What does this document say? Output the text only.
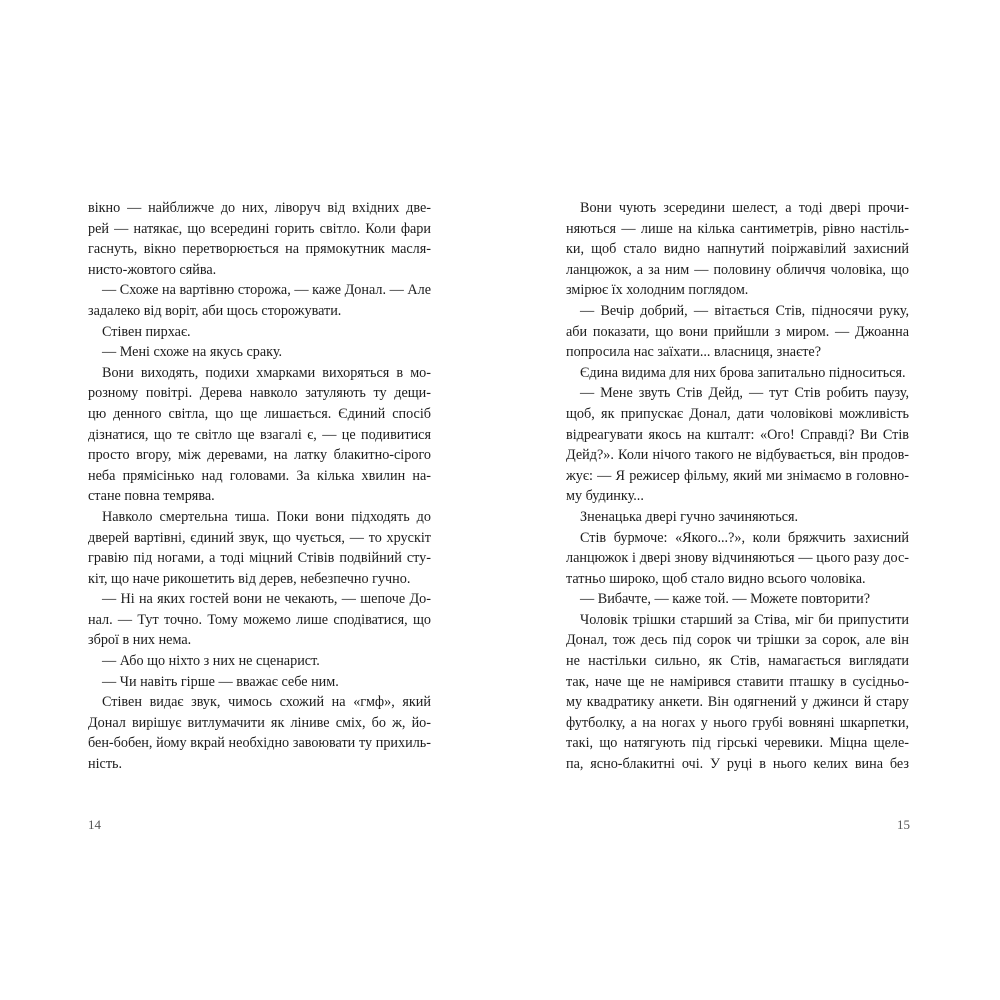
вікно — найближче до них, ліворуч від вхідних две-
рей — натякає, що всередині горить світло. Коли фари
гаснуть, вікно перетворюється на прямокутник масля-
нисто-жовтого сяйва.
— Схоже на вартівню сторожа, — каже Донал. — Але
задалеко від воріт, аби щось сторожувати.
Стівен пирхає.
— Мені схоже на якусь сраку.
Вони виходять, подихи хмарками вихоряться в мо-
розному повітрі. Дерева навколо затуляють ту дещи-
цю денного світла, що ще лишається. Єдиний спосіб
дізнатися, що те світло ще взагалі є, — це подивитися
просто вгору, між деревами, на латку блакитно-сірого
неба прямісінько над головами. За кілька хвилин на-
стане повна темрява.
Навколо смертельна тиша. Поки вони підходять до
дверей вартівні, єдиний звук, що чується, — то хрускіт
гравію під ногами, а тоді міцний Стівів подвійний сту-
кіт, що наче рикошетить від дерев, небезпечно гучно.
— Ні на яких гостей вони не чекають, — шепоче До-
нал. — Тут точно. Тому можемо лише сподіватися, що
зброї в них нема.
— Або що ніхто з них не сценарист.
— Чи навіть гірше — вважає себе ним.
Стівен видає звук, чимось схожий на «гмф», який
Донал вирішує витлумачити як ліниве сміх, бо ж, йо-
бен-бобен, йому вкрай необхідно завоювати ту прихиль-
ність.
Вони чують зсередини шелест, а тоді двері прочи-
няються — лише на кілька сантиметрів, рівно настіль-
ки, щоб стало видно напнутий поіржавілий захисний
ланцюжок, а за ним — половину обличчя чоловіка, що
змірює їх холодним поглядом.
— Вечір добрий, — вітається Стів, підносячи руку,
аби показати, що вони прийшли з миром. — Джоанна
попросила нас заїхати... власниця, знаєте?
Єдина видима для них брова запитально підноситься.
— Мене звуть Стів Дейд, — тут Стів робить паузу,
щоб, як припускає Донал, дати чоловікові можливість
відреагувати якось на кшталт: «Ого! Справді? Ви Стів
Дейд?». Коли нічого такого не відбувається, він продов-
жує: — Я режисер фільму, який ми знімаємо в головно-
му будинку...
Зненацька двері гучно зачиняються.
Стів бурмоче: «Якого...?», коли бряжчить захисний
ланцюжок і двері знову відчиняються — цього разу дос-
татньо широко, щоб стало видно всього чоловіка.
— Вибачте, — каже той. — Можете повторити?
Чоловік трішки старший за Стіва, міг би припустити
Донал, тож десь під сорок чи трішки за сорок, але він
не настільки сильно, як Стів, намагається виглядати
так, наче ще не намірився ставити пташку в сусідньо-
му квадратику анкети. Він одягнений у джинси й стару
футболку, а на ногах у нього грубі вовняні шкарпетки,
такі, що натягують під гірські черевики. Міцна щеле-
па, ясно-блакитні очі. У руці в нього келих вина без
14	15
